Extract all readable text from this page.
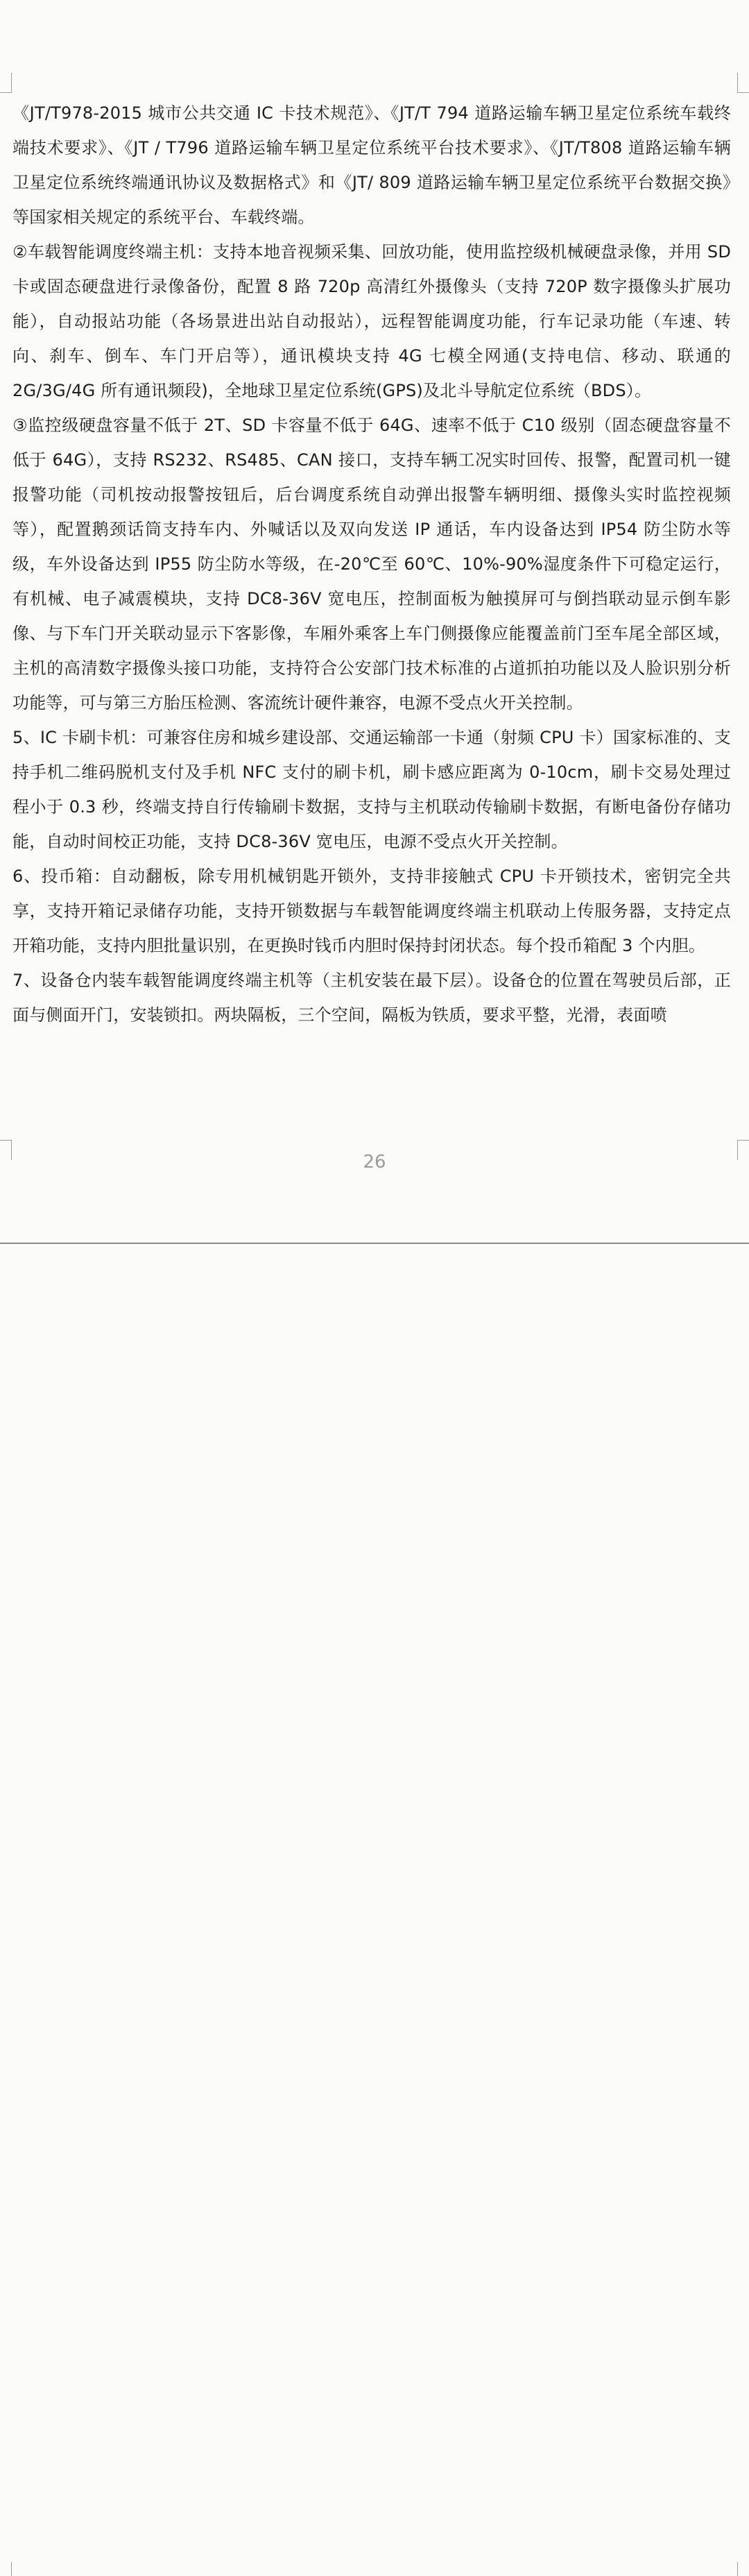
《JT/T978-2015 城市公共交通 IC 卡技术规范》、《JT/T 794 道路运输车辆卫星定位系统车载终端技术要求》、《JT / T796 道路运输车辆卫星定位系统平台技术要求》、《JT/T808 道路运输车辆卫星定位系统终端通讯协议及数据格式》和《JT/ 809 道路运输车辆卫星定位系统平台数据交换》等国家相关规定的系统平台、车载终端。

②车载智能调度终端主机：支持本地音视频采集、回放功能，使用监控级机械硬盘录像，并用 SD 卡或固态硬盘进行录像备份，配置 8 路 720p 高清红外摄像头（支持 720P 数字摄像头扩展功能），自动报站功能（各场景进出站自动报站），远程智能调度功能，行车记录功能（车速、转向、刹车、倒车、车门开启等），通讯模块支持 4G 七模全网通(支持电信、移动、联通的 2G/3G/4G 所有通讯频段)，全地球卫星定位系统(GPS)及北斗导航定位系统（BDS）。

③监控级硬盘容量不低于 2T、SD 卡容量不低于 64G、速率不低于 C10 级别（固态硬盘容量不低于 64G），支持 RS232、RS485、CAN 接口，支持车辆工况实时回传、报警，配置司机一键报警功能（司机按动报警按钮后，后台调度系统自动弹出报警车辆明细、摄像头实时监控视频等），配置鹅颈话筒支持车内、外喊话以及双向发送 IP 通话，车内设备达到 IP54 防尘防水等级，车外设备达到 IP55 防尘防水等级，在-20℃至 60℃、10%-90%湿度条件下可稳定运行，有机械、电子减震模块，支持 DC8-36V 宽电压，控制面板为触摸屏可与倒挡联动显示倒车影像、与下车门开关联动显示下客影像，车厢外乘客上车门侧摄像应能覆盖前门至车尾全部区域，主机的高清数字摄像头接口功能，支持符合公安部门技术标准的占道抓拍功能以及人脸识别分析功能等，可与第三方胎压检测、客流统计硬件兼容，电源不受点火开关控制。

5、IC 卡刷卡机：可兼容住房和城乡建设部、交通运输部一卡通（射频 CPU 卡）国家标准的、支持手机二维码脱机支付及手机 NFC 支付的刷卡机，刷卡感应距离为 0-10cm，刷卡交易处理过程小于 0.3 秒，终端支持自行传输刷卡数据，支持与主机联动传输刷卡数据，有断电备份存储功能，自动时间校正功能，支持 DC8-36V 宽电压，电源不受点火开关控制。

6、投币箱：自动翻板，除专用机械钥匙开锁外，支持非接触式 CPU 卡开锁技术，密钥完全共享，支持开箱记录储存功能，支持开锁数据与车载智能调度终端主机联动上传服务器，支持定点开箱功能，支持内胆批量识别，在更换时钱币内胆时保持封闭状态。每个投币箱配 3 个内胆。

7、设备仓内装车载智能调度终端主机等（主机安装在最下层）。设备仓的位置在驾驶员后部，正面与侧面开门，安装锁扣。两块隔板，三个空间，隔板为铁质，要求平整，光滑，表面喷

26
